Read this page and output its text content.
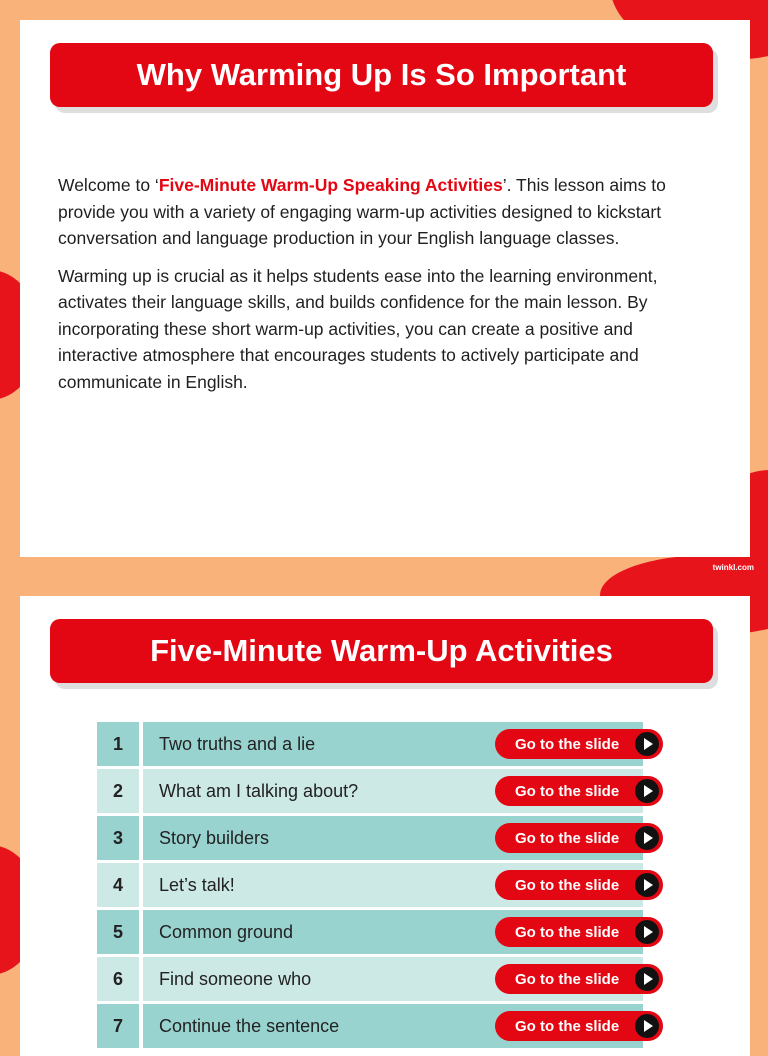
Why Warming Up Is So Important

Welcome to ‘Five-Minute Warm-Up Speaking Activities’. This lesson aims to provide you with a variety of engaging warm-up activities designed to kickstart conversation and language production in your English language classes.

Warming up is crucial as it helps students ease into the learning environment, activates their language skills, and builds confidence for the main lesson. By incorporating these short warm-up activities, you can create a positive and interactive atmosphere that encourages students to actively participate and communicate in English.

twinkl.com
Five-Minute Warm-Up Activities
1	Two truths and a lie	Go to the slide
2	What am I talking about?	Go to the slide
3	Story builders	Go to the slide
4	Let’s talk!	Go to the slide
5	Common ground	Go to the slide
6	Find someone who	Go to the slide
7	Continue the sentence	Go to the slide
